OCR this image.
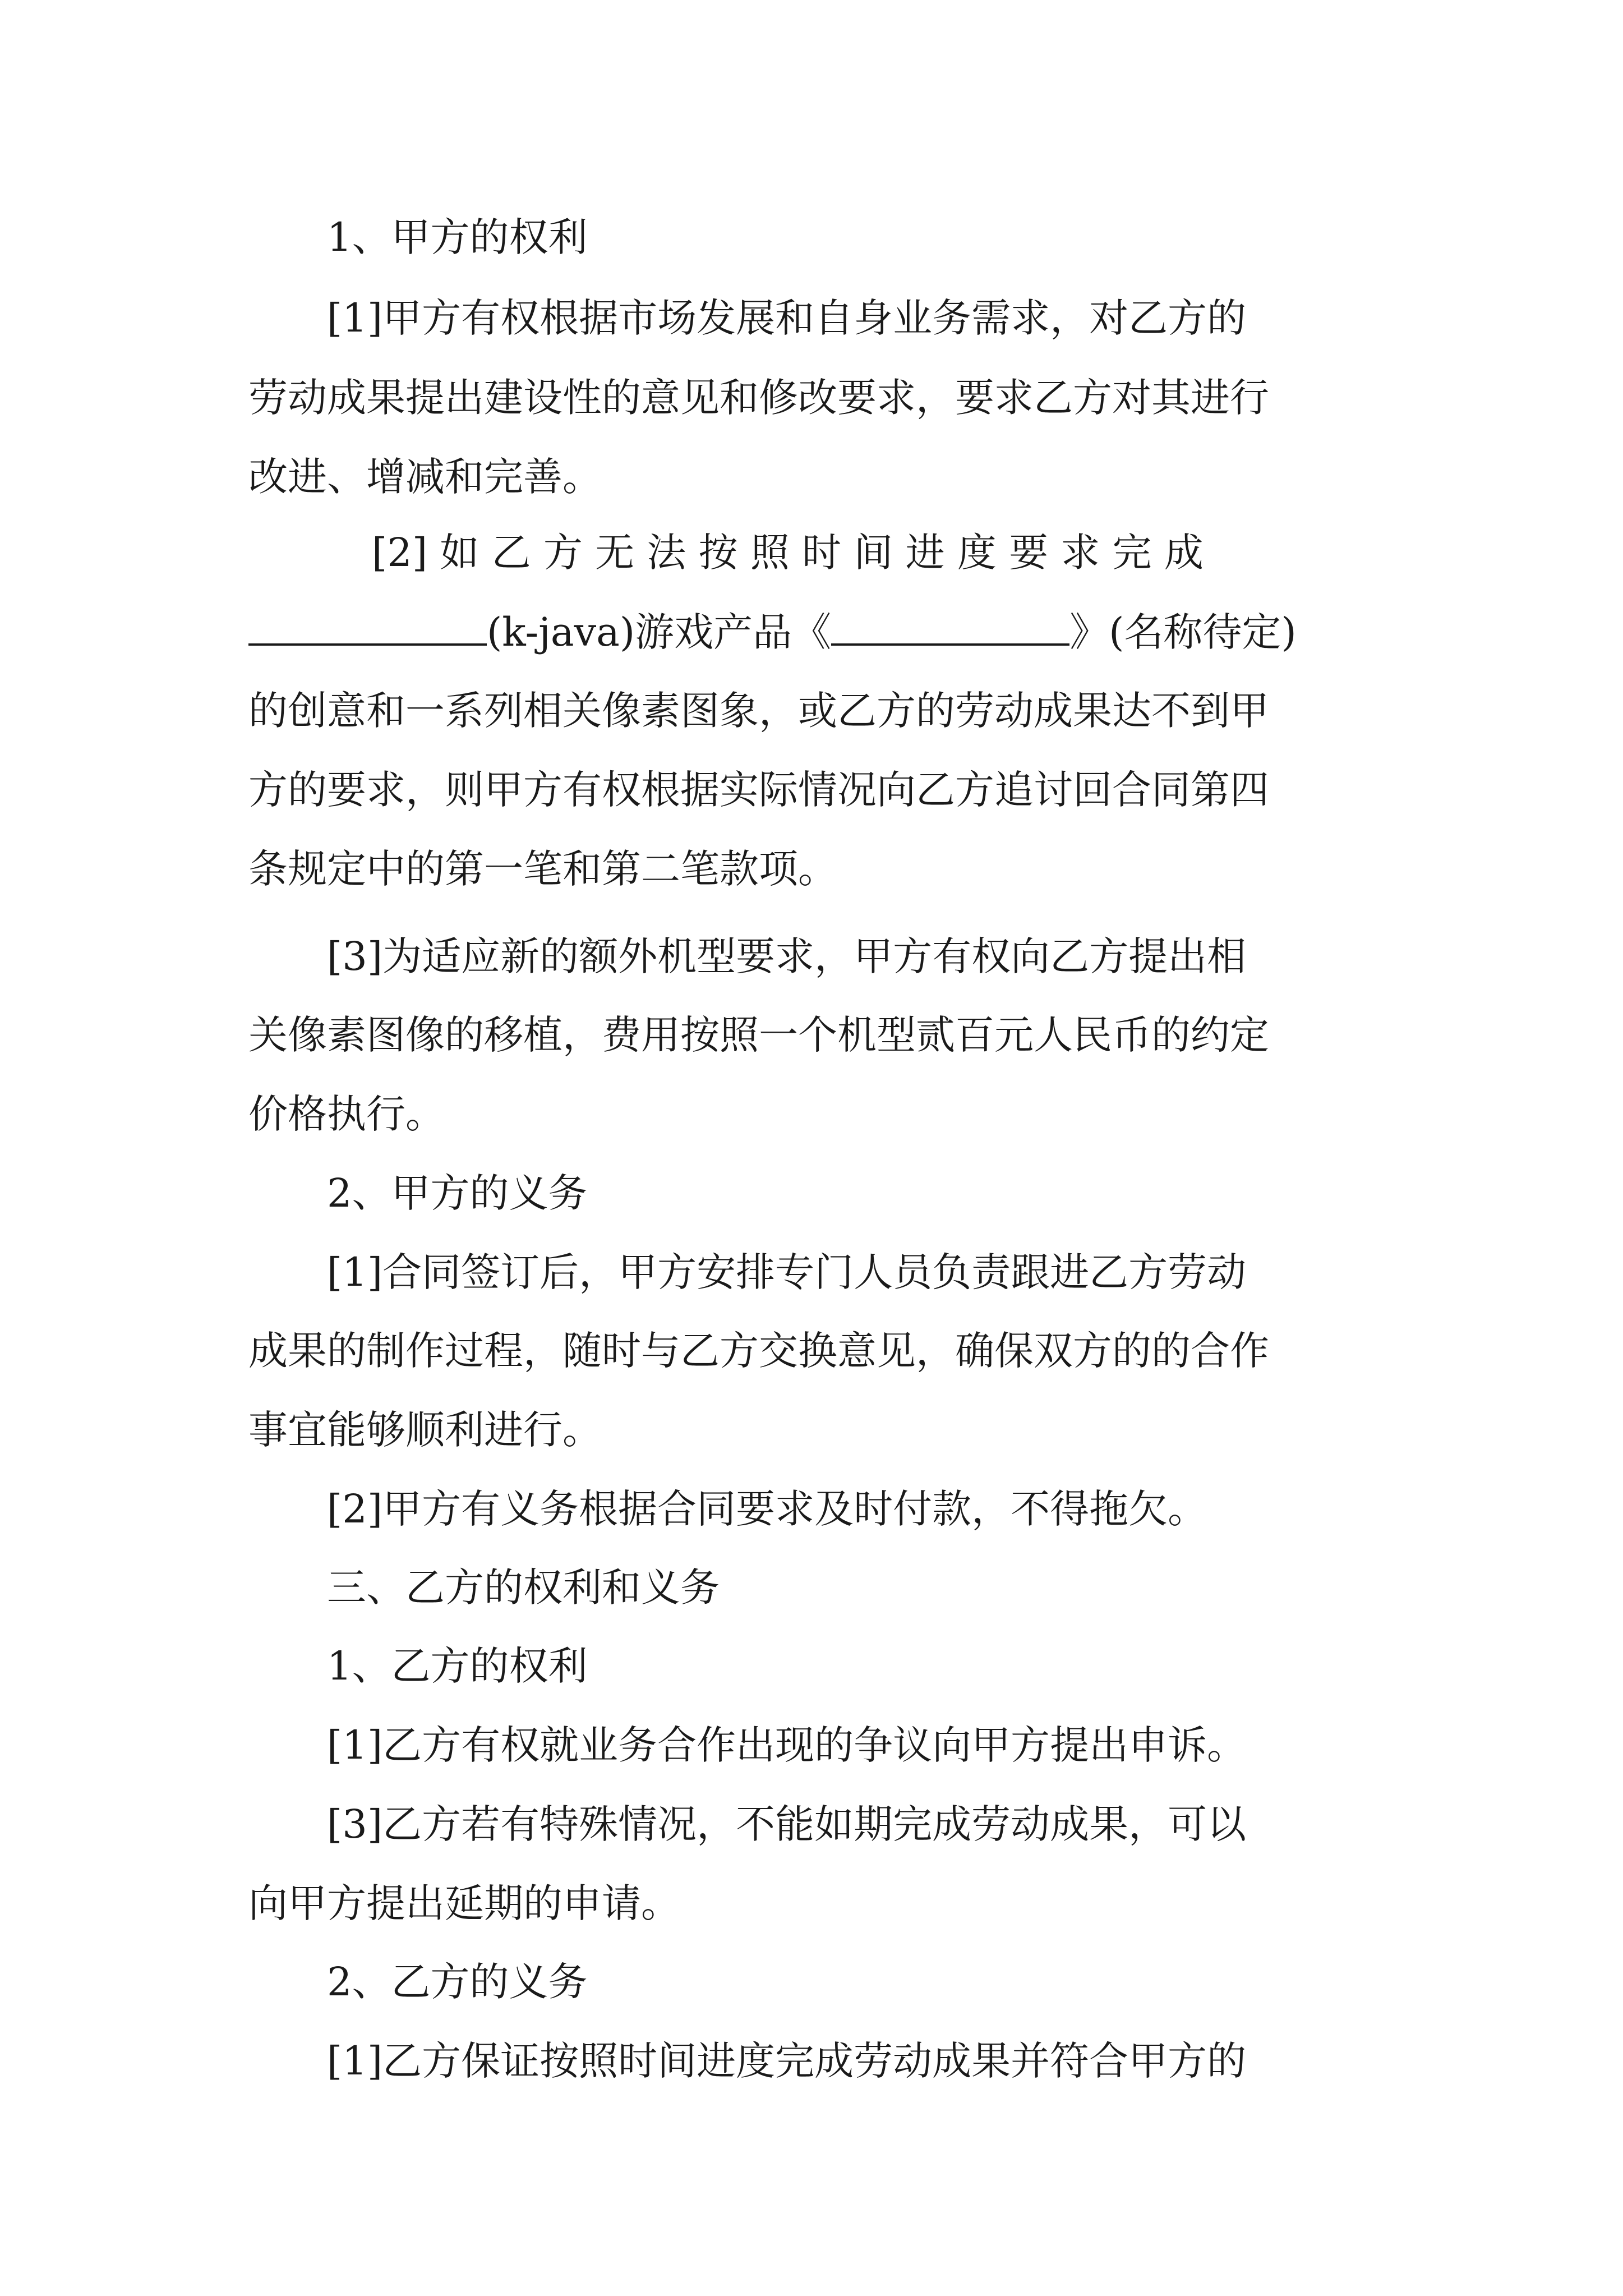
1、甲方的权利
[1]甲方有权根据市场发展和自身业务需求，对乙方的
劳动成果提出建设性的意见和修改要求，要求乙方对其进行
改进、增减和完善。
[2] 如 乙 方 无 法 按 照 时 间 进 度 要 求 完 成
(k-java)游戏产品《	》(名称待定)
的创意和一系列相关像素图象，或乙方的劳动成果达不到甲
方的要求，则甲方有权根据实际情况向乙方追讨回合同第四
条规定中的第一笔和第二笔款项。
[3]为适应新的额外机型要求，甲方有权向乙方提出相
关像素图像的移植，费用按照一个机型贰百元人民币的约定
价格执行。
2、甲方的义务
[1]合同签订后，甲方安排专门人员负责跟进乙方劳动
成果的制作过程，随时与乙方交换意见，确保双方的的合作
事宜能够顺利进行。
[2]甲方有义务根据合同要求及时付款，不得拖欠。
三、乙方的权利和义务
1、乙方的权利
[1]乙方有权就业务合作出现的争议向甲方提出申诉。
[3]乙方若有特殊情况，不能如期完成劳动成果，可以
向甲方提出延期的申请。
2、乙方的义务
[1]乙方保证按照时间进度完成劳动成果并符合甲方的
